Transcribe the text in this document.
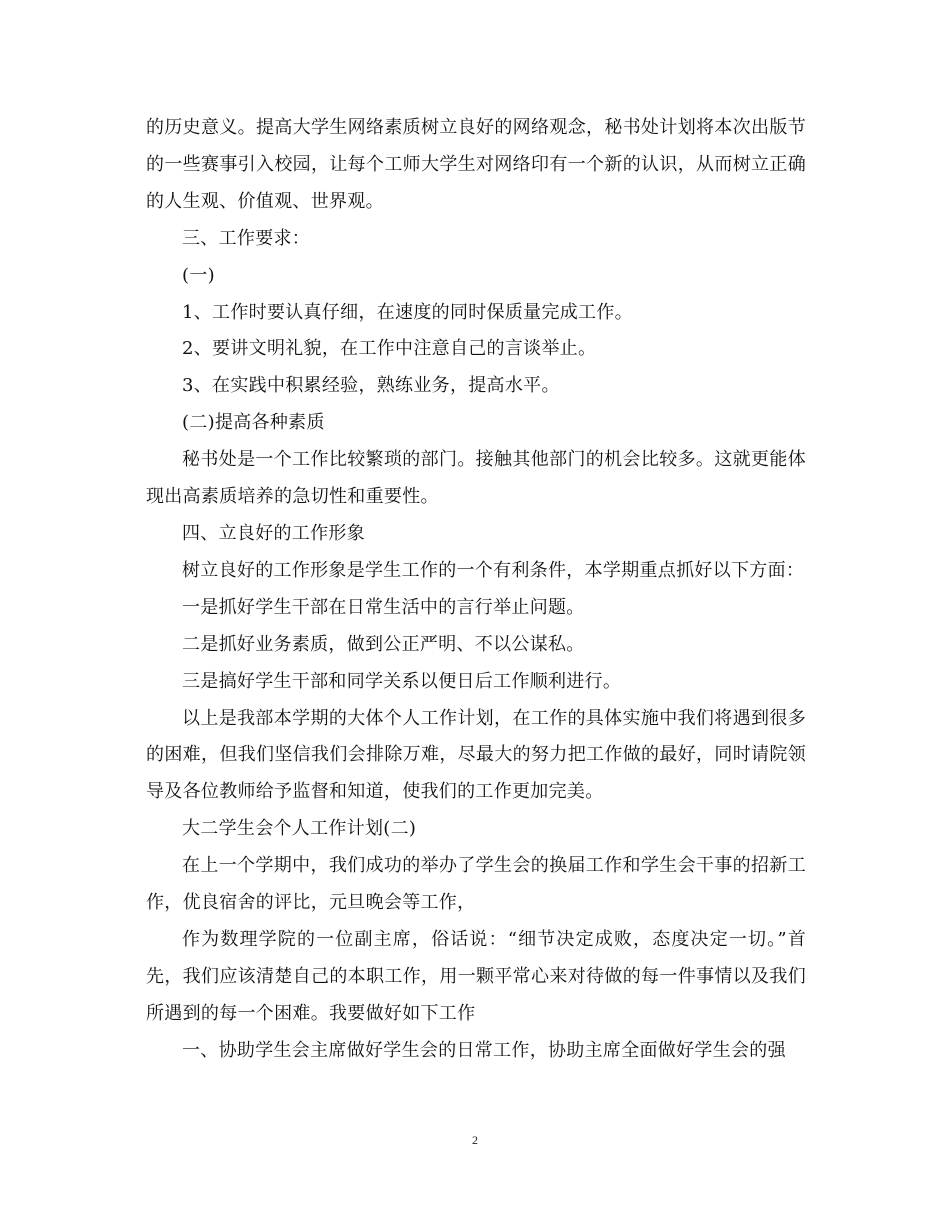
的历史意义。提高大学生网络素质树立良好的网络观念，秘书处计划将本次出版节的一些赛事引入校园，让每个工师大学生对网络印有一个新的认识，从而树立正确的人生观、价值观、世界观。

三、工作要求：

(一)

1、工作时要认真仔细，在速度的同时保质量完成工作。

2、要讲文明礼貌，在工作中注意自己的言谈举止。

3、在实践中积累经验，熟练业务，提高水平。

(二)提高各种素质

秘书处是一个工作比较繁琐的部门。接触其他部门的机会比较多。这就更能体现出高素质培养的急切性和重要性。

四、立良好的工作形象

树立良好的工作形象是学生工作的一个有利条件，本学期重点抓好以下方面：

一是抓好学生干部在日常生活中的言行举止问题。

二是抓好业务素质，做到公正严明、不以公谋私。

三是搞好学生干部和同学关系以便日后工作顺利进行。

以上是我部本学期的大体个人工作计划，在工作的具体实施中我们将遇到很多的困难，但我们坚信我们会排除万难，尽最大的努力把工作做的最好，同时请院领导及各位教师给予监督和知道，使我们的工作更加完美。

大二学生会个人工作计划(二)

在上一个学期中，我们成功的举办了学生会的换届工作和学生会干事的招新工作，优良宿舍的评比，元旦晚会等工作，

作为数理学院的一位副主席，俗话说：“细节决定成败，态度决定一切。”首先，我们应该清楚自己的本职工作，用一颗平常心来对待做的每一件事情以及我们所遇到的每一个困难。我要做好如下工作

一、协助学生会主席做好学生会的日常工作，协助主席全面做好学生会的强

2
